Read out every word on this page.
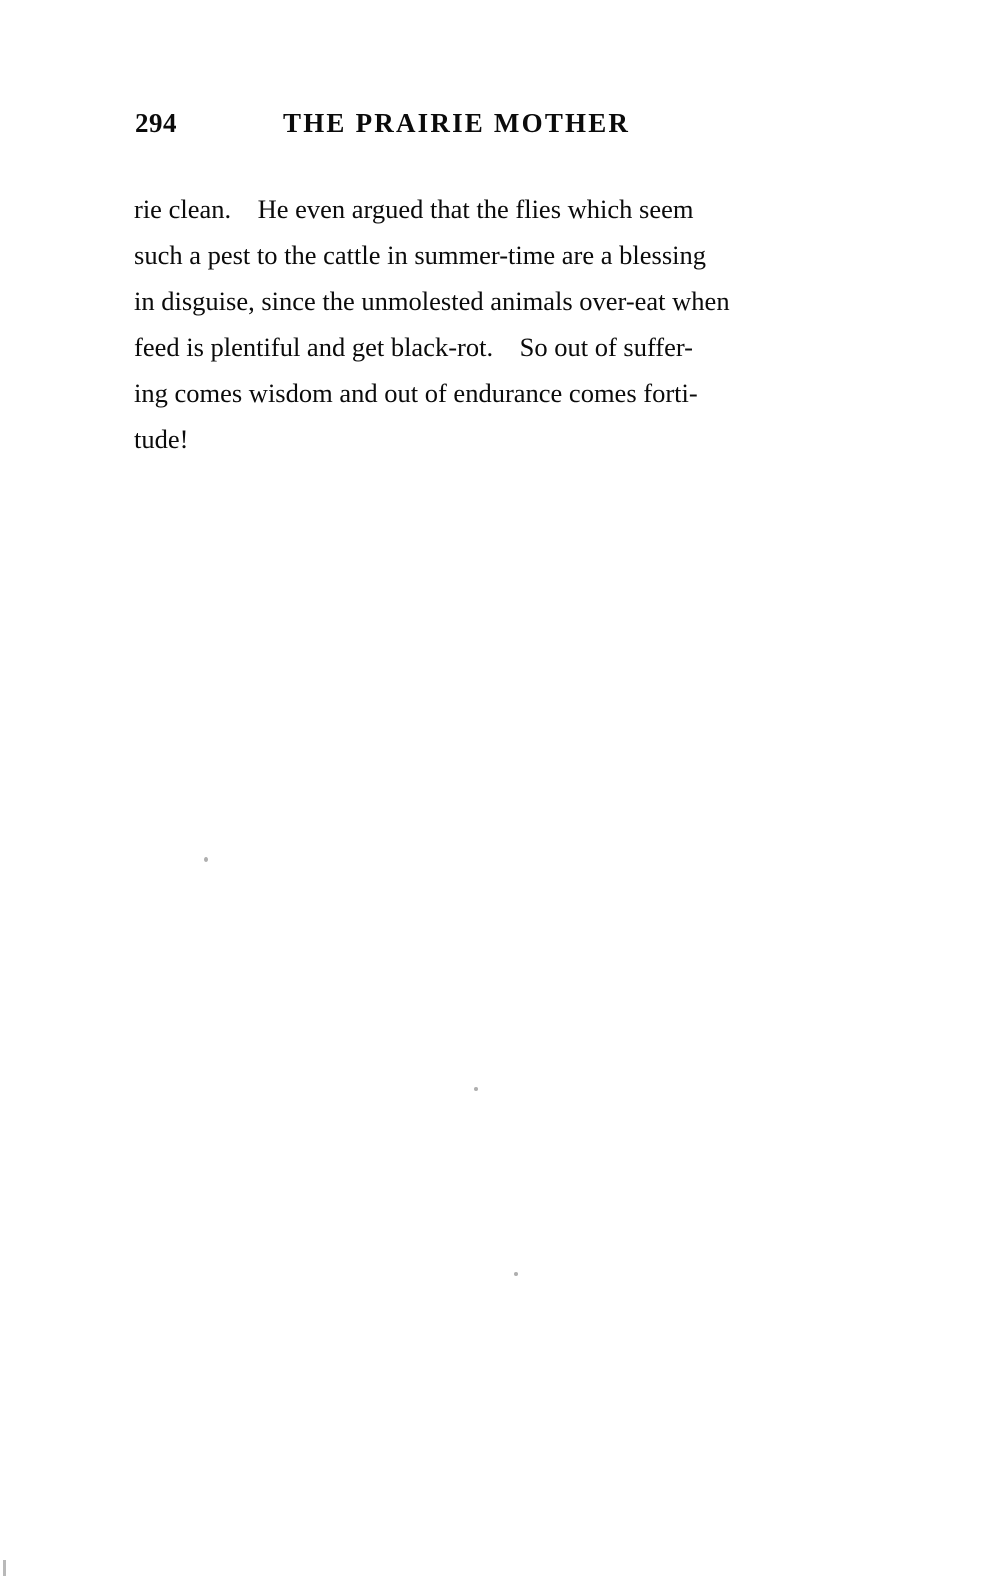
294	THE PRAIRIE MOTHER

rie clean. He even argued that the flies which seem

such a pest to the cattle in summer-time are a blessing

in disguise, since the unmolested animals over-eat when

feed is plentiful and get black-rot. So out of suffer-

ing comes wisdom and out of endurance comes forti-

tude!
